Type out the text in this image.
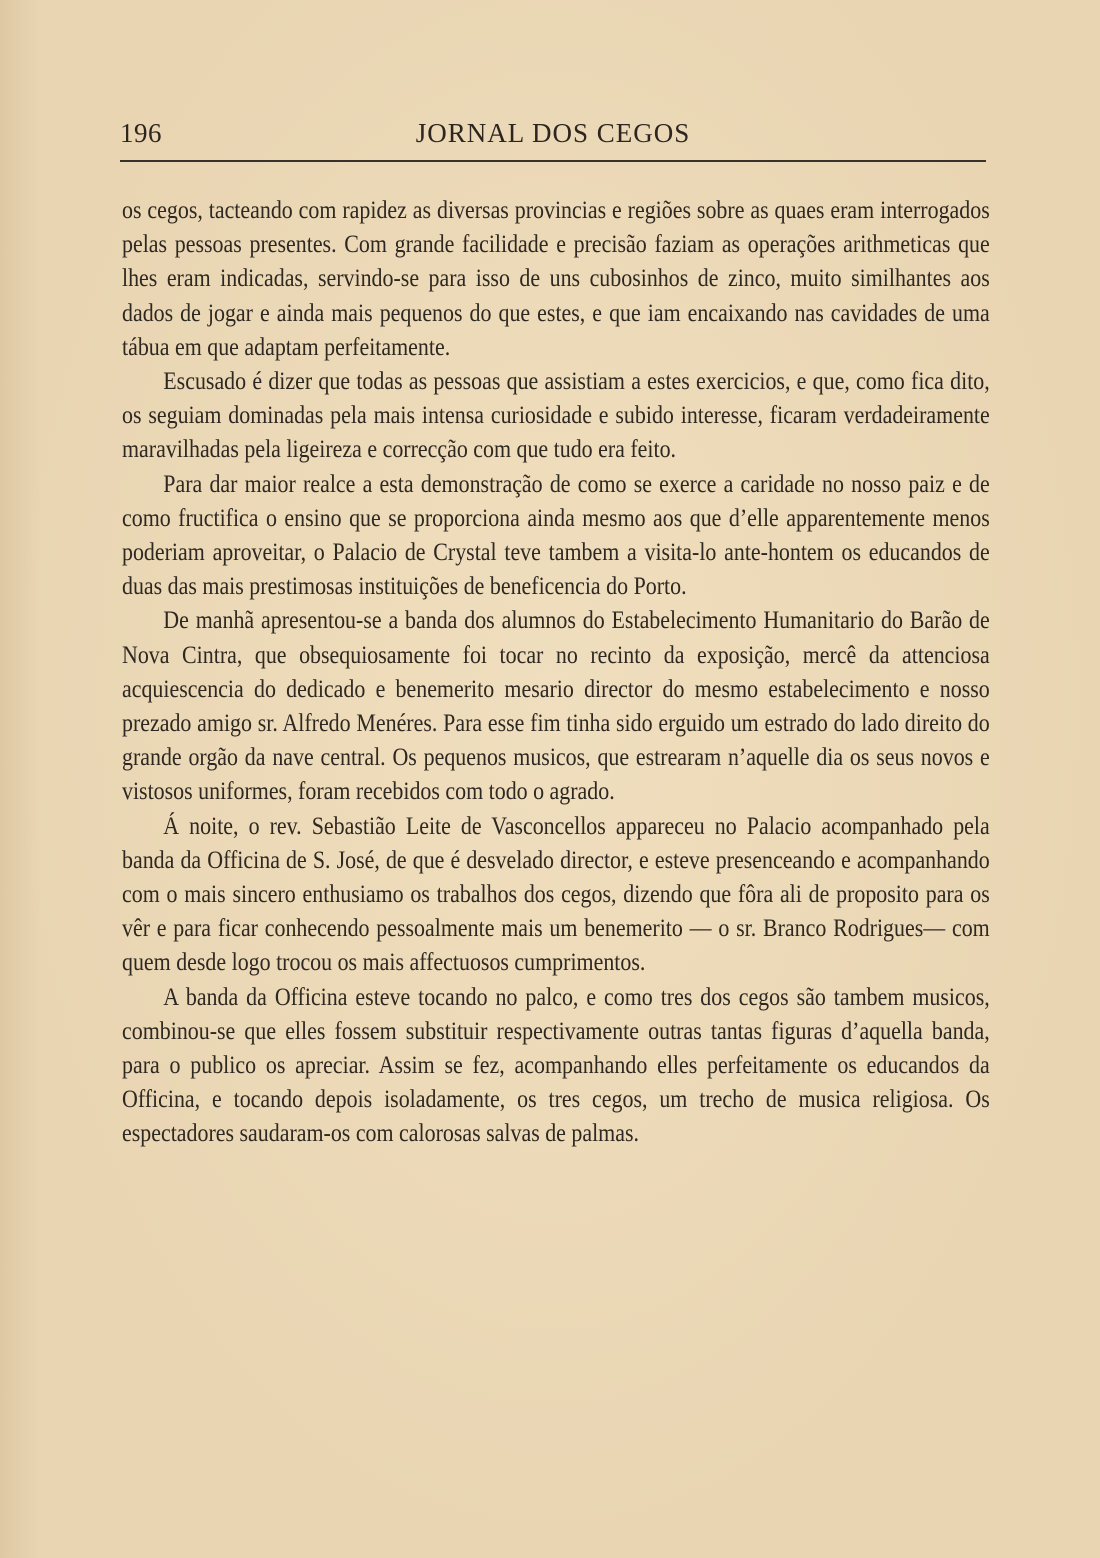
196	JORNAL DOS CEGOS

os cegos, tacteando com rapidez as diversas provincias e regiões sobre as quaes eram interrogados pelas pessoas presentes. Com grande facilidade e precisão faziam as operações arithmeticas que lhes eram indicadas, servindo-se para isso de uns cubosinhos de zinco, muito similhantes aos dados de jogar e ainda mais pequenos do que estes, e que iam encaixando nas cavidades de uma tábua em que adaptam perfeitamente.

Escusado é dizer que todas as pessoas que assistiam a estes exercicios, e que, como fica dito, os seguiam dominadas pela mais intensa curiosidade e subido interesse, ficaram verdadeiramente maravilhadas pela ligeireza e correcção com que tudo era feito.

Para dar maior realce a esta demonstração de como se exerce a caridade no nosso paiz e de como fructifica o ensino que se proporciona ainda mesmo aos que d’elle apparentemente menos poderiam aproveitar, o Palacio de Crystal teve tambem a visita-lo ante-hontem os educandos de duas das mais prestimosas instituições de beneficencia do Porto.

De manhã apresentou-se a banda dos alumnos do Estabelecimento Humanitario do Barão de Nova Cintra, que obsequiosamente foi tocar no recinto da exposição, mercê da attenciosa acquiescencia do dedicado e benemerito mesario director do mesmo estabelecimento e nosso prezado amigo sr. Alfredo Menéres. Para esse fim tinha sido erguido um estrado do lado direito do grande orgão da nave central. Os pequenos musicos, que estrearam n’aquelle dia os seus novos e vistosos uniformes, foram recebidos com todo o agrado.

Á noite, o rev. Sebastião Leite de Vasconcellos appareceu no Palacio acompanhado pela banda da Officina de S. José, de que é desvelado director, e esteve presenceando e acompanhando com o mais sincero enthusiamo os trabalhos dos cegos, dizendo que fôra ali de proposito para os vêr e para ficar conhecendo pessoalmente mais um benemerito — o sr. Branco Rodrigues— com quem desde logo trocou os mais affectuosos cumprimentos.

A banda da Officina esteve tocando no palco, e como tres dos cegos são tambem musicos, combinou-se que elles fossem substituir respectivamente outras tantas figuras d’aquella banda, para o publico os apreciar. Assim se fez, acompanhando elles perfeitamente os educandos da Officina, e tocando depois isoladamente, os tres cegos, um trecho de musica religiosa. Os espectadores saudaram-os com calorosas salvas de palmas.
